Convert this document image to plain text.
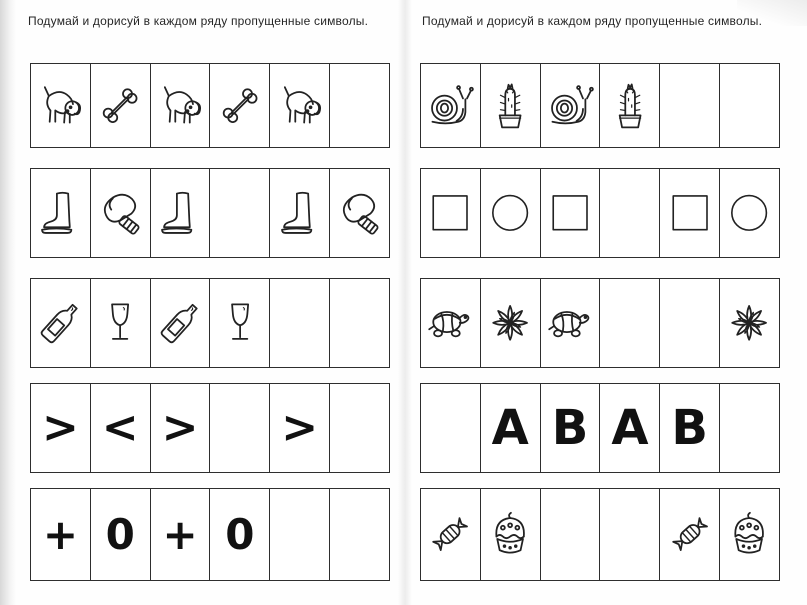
Подумай и дорисуй в каждом ряду пропущенные символы.

> < > >
+ 0 + 0

Подумай и дорисуй в каждом ряду пропущенные символы.

A B A B
